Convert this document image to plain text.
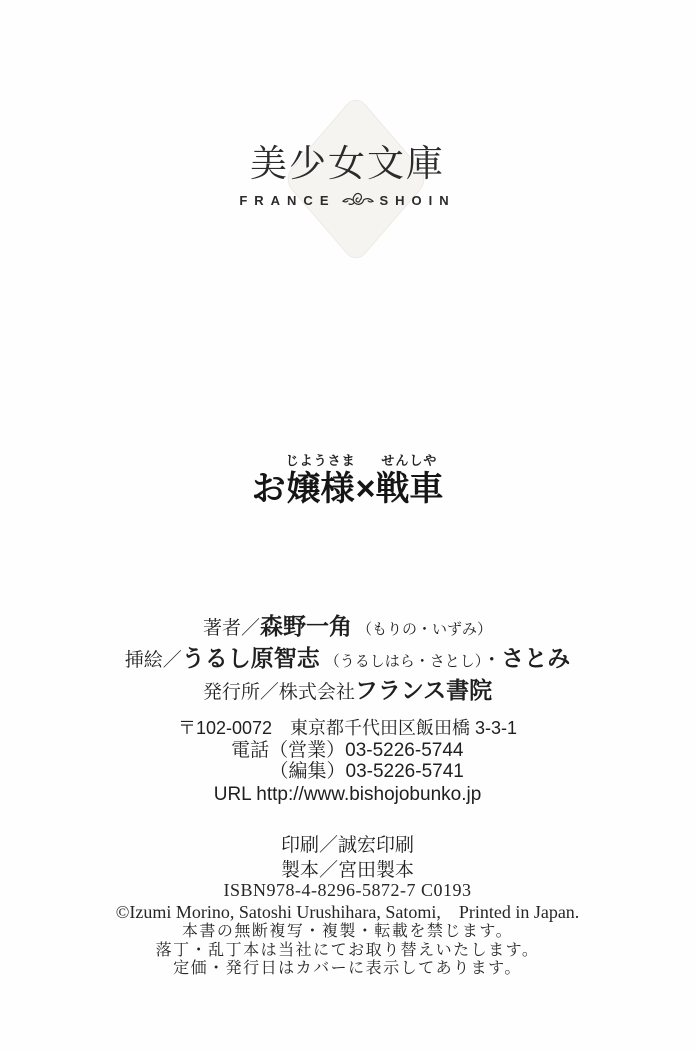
美少女文庫
FRANCE	SHOIN
お
じようさま
嬢様 ×
せんしや
戦車
著者／森野一角 （もりの・いずみ）
挿絵／うるし原智志 （うるしはら・さとし）・さとみ
発行所／株式会社フランス書院
〒102-0072　東京都千代田区飯田橋 3-3-1
電話（営業）03-5226-5744
（編集）03-5226-5741
URL http://www.bishojobunko.jp
印刷／誠宏印刷
製本／宮田製本
ISBN978-4-8296-5872-7 C0193
©Izumi Morino, Satoshi Urushihara, Satomi,　Printed in Japan.
本書の無断複写・複製・転載を禁じます。
落丁・乱丁本は当社にてお取り替えいたします。
定価・発行日はカバーに表示してあります。
